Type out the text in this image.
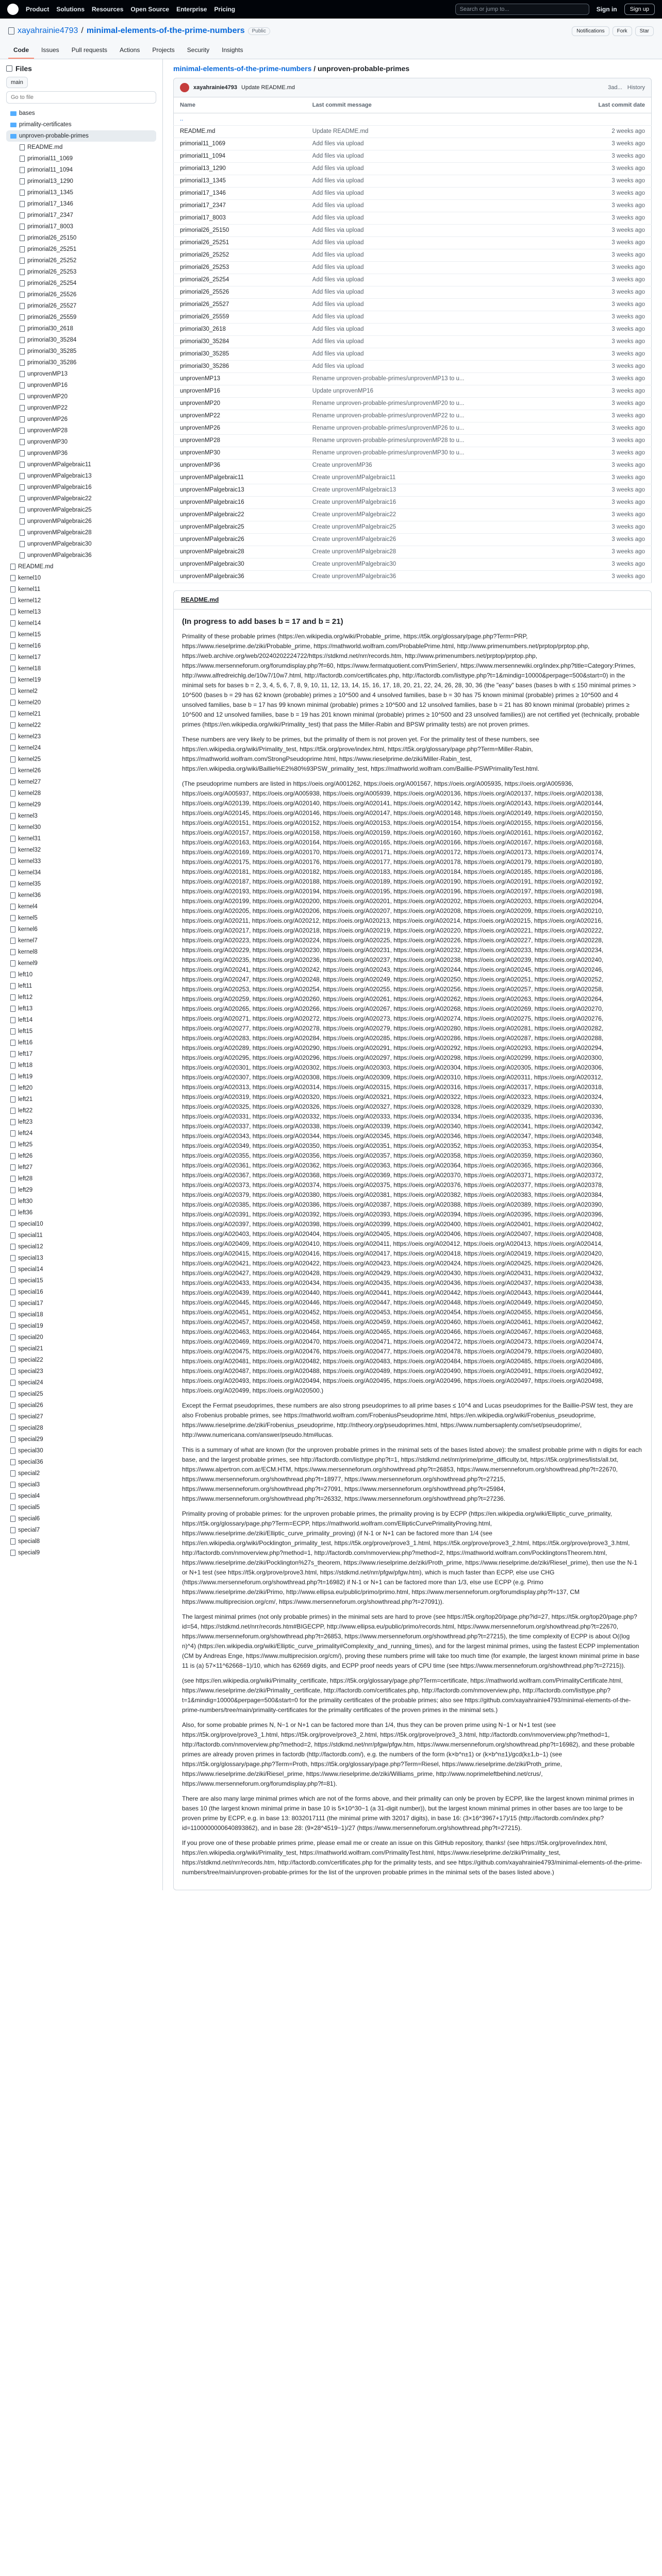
Product Solutions Resources Open Source Enterprise Pricing	Search or jump to...	Sign in	Sign up
xayahrainie4793 / minimal-elements-of-the-prime-numbers	Public	Notifications	Fork	Star
Code	Issues	Pull requests	Actions	Projects	Security	Insights
Files
main
Go to file
bases
primality-certificates
unproven-probable-primes
README.md
primorial11_1069
primorial11_1094
primorial13_1290
primorial13_1345
primorial17_1346
primorial17_2347
primorial17_8003
primorial26_25150
primorial26_25251
primorial26_25252
primorial26_25253
primorial26_25254
primorial26_25526
primorial26_25527
primorial26_25559
primorial30_2618
primorial30_35284
primorial30_35285
primorial30_35286
unprovenMP13
unprovenMP16
unprovenMP20
unprovenMP22
unprovenMP26
unprovenMP28
unprovenMP30
unprovenMP36
unprovenMPalgebraic11
unprovenMPalgebraic13
unprovenMPalgebraic16
unprovenMPalgebraic22
unprovenMPalgebraic25
unprovenMPalgebraic26
unprovenMPalgebraic28
unprovenMPalgebraic30
unprovenMPalgebraic36
README.md
kernel10
kernel11
kernel12
kernel13
kernel14
kernel15
kernel16
kernel17
kernel18
kernel19
kernel2
kernel20
kernel21
kernel22
kernel23
kernel24
kernel25
kernel26
kernel27
kernel28
kernel29
kernel3
kernel30
kernel31
kernel32
kernel33
kernel34
kernel35
kernel36
kernel4
kernel5
kernel6
kernel7
kernel8
kernel9
left10
left11
left12
left13
left14
left15
left16
left17
left18
left19
left20
left21
left22
left23
left24
left25
left26
left27
left28
left29
left30
left36
special10
special11
special12
special13
special14
special15
special16
special17
special18
special19
special20
special21
special22
special23
special24
special25
special26
special27
special28
special29
special30
special36
special2
special3
special4
special5
special6
special7
special8
special9
minimal-elements-of-the-prime-numbers / unproven-probable-primes
xayahrainie4793 Update README.md	3ad... History
Name	Last commit message	Last commit date
..		
README.md	Update README.md	2 weeks ago
primorial11_1069	Add files via upload	3 weeks ago
primorial11_1094	Add files via upload	3 weeks ago
primorial13_1290	Add files via upload	3 weeks ago
primorial13_1345	Add files via upload	3 weeks ago
primorial17_1346	Add files via upload	3 weeks ago
primorial17_2347	Add files via upload	3 weeks ago
primorial17_8003	Add files via upload	3 weeks ago
primorial26_25150	Add files via upload	3 weeks ago
primorial26_25251	Add files via upload	3 weeks ago
primorial26_25252	Add files via upload	3 weeks ago
primorial26_25253	Add files via upload	3 weeks ago
primorial26_25254	Add files via upload	3 weeks ago
primorial26_25526	Add files via upload	3 weeks ago
primorial26_25527	Add files via upload	3 weeks ago
primorial26_25559	Add files via upload	3 weeks ago
primorial30_2618	Add files via upload	3 weeks ago
primorial30_35284	Add files via upload	3 weeks ago
primorial30_35285	Add files via upload	3 weeks ago
primorial30_35286	Add files via upload	3 weeks ago
unprovenMP13	Rename unproven-probable-primes/unprovenMP13 to u...	3 weeks ago
unprovenMP16	Update unprovenMP16	3 weeks ago
unprovenMP20	Rename unproven-probable-primes/unprovenMP20 to u...	3 weeks ago
unprovenMP22	Rename unproven-probable-primes/unprovenMP22 to u...	3 weeks ago
unprovenMP26	Rename unproven-probable-primes/unprovenMP26 to u...	3 weeks ago
unprovenMP28	Rename unproven-probable-primes/unprovenMP28 to u...	3 weeks ago
unprovenMP30	Rename unproven-probable-primes/unprovenMP30 to u...	3 weeks ago
unprovenMP36	Create unprovenMP36	3 weeks ago
unprovenMPalgebraic11	Create unprovenMPalgebraic11	3 weeks ago
unprovenMPalgebraic13	Create unprovenMPalgebraic13	3 weeks ago
unprovenMPalgebraic16	Create unprovenMPalgebraic16	3 weeks ago
unprovenMPalgebraic22	Create unprovenMPalgebraic22	3 weeks ago
unprovenMPalgebraic25	Create unprovenMPalgebraic25	3 weeks ago
unprovenMPalgebraic26	Create unprovenMPalgebraic26	3 weeks ago
unprovenMPalgebraic28	Create unprovenMPalgebraic28	3 weeks ago
unprovenMPalgebraic30	Create unprovenMPalgebraic30	3 weeks ago
unprovenMPalgebraic36	Create unprovenMPalgebraic36	3 weeks ago
README.md
(In progress to add bases b = 17 and b = 21)

Primality of these probable primes (https://en.wikipedia.org/wiki/Probable_prime, https://t5k.org/glossary/page.php?Term=PRP, https://www.rieselprime.de/ziki/Probable_prime, https://mathworld.wolfram.com/ProbablePrime.html, http://www.primenumbers.net/prptop/prptop.php, https://web.archive.org/web/20240202224722/https://stdkmd.net/nrr/records.htm, http://www.primenumbers.net/prptop/prptop.php, https://www.mersenneforum.org/forumdisplay.php?f=60, https://www.fermatquotient.com/PrimSerien/, https://www.mersennewiki.org/index.php?title=Category:Primes, http://www.alfredreichlg.de/10w7/10w7.html, http://factordb.com/certificates.php, http://factordb.com/listtype.php?t=1&mindig=10000&perpage=500&start=0) in the minimal sets for bases b = 2, 3, 4, 5, 6, 7, 8, 9, 10, 11, 12, 13, 14, 15, 16, 17, 18, 20, 21, 22, 24, 26, 28, 30, 36 (the "easy" bases (bases b with ≤ 150 minimal primes > 10^500 (bases b = 29 has 62 known (probable) primes ≥ 10^500 and 4 unsolved families, base b = 30 has 75 known minimal (probable) primes ≥ 10^500 and 4 unsolved families, base b = 17 has 99 known minimal (probable) primes ≥ 10^500 and 12 unsolved families, base b = 21 has 80 known minimal (probable) primes ≥ 10^500 and 12 unsolved families, base b = 19 has 201 known minimal (probable) primes ≥ 10^500 and 23 unsolved families)) are not certified yet (technically, probable primes (https://en.wikipedia.org/wiki/Primality_test) that pass the Miller-Rabin and BPSW primality tests) are not proven primes.

These numbers are very likely to be primes, but the primality of them is not proven yet. For the primality test of these numbers, see https://en.wikipedia.org/wiki/Primality_test, https://t5k.org/prove/index.html, https://t5k.org/glossary/page.php?Term=Miller-Rabin, https://mathworld.wolfram.com/StrongPseudoprime.html, https://www.rieselprime.de/ziki/Miller-Rabin_test, https://en.wikipedia.org/wiki/Baillie%E2%80%93PSW_primality_test, https://mathworld.wolfram.com/Baillie-PSWPrimalityTest.html.

(The pseudoprime numbers are listed in https://oeis.org/A001262, https://oeis.org/A001567, https://oeis.org/A005935, https://oeis.org/A005936, https://oeis.org/A005937, https://oeis.org/A005938, https://oeis.org/A005939, https://oeis.org/A020136, https://oeis.org/A020137, https://oeis.org/A020138, https://oeis.org/A020139, https://oeis.org/A020140, https://oeis.org/A020141, https://oeis.org/A020142, https://oeis.org/A020143, https://oeis.org/A020144, https://oeis.org/A020145, https://oeis.org/A020146, https://oeis.org/A020147, https://oeis.org/A020148, https://oeis.org/A020149, https://oeis.org/A020150, https://oeis.org/A020151, https://oeis.org/A020152, https://oeis.org/A020153, https://oeis.org/A020154, https://oeis.org/A020155, https://oeis.org/A020156, https://oeis.org/A020157, https://oeis.org/A020158, https://oeis.org/A020159, https://oeis.org/A020160, https://oeis.org/A020161, https://oeis.org/A020162, https://oeis.org/A020163, https://oeis.org/A020164, https://oeis.org/A020165, https://oeis.org/A020166, https://oeis.org/A020167, https://oeis.org/A020168, https://oeis.org/A020169, https://oeis.org/A020170, https://oeis.org/A020171, https://oeis.org/A020172, https://oeis.org/A020173, https://oeis.org/A020174, https://oeis.org/A020175, https://oeis.org/A020176, https://oeis.org/A020177, https://oeis.org/A020178, https://oeis.org/A020179, https://oeis.org/A020180, https://oeis.org/A020181, https://oeis.org/A020182, https://oeis.org/A020183, https://oeis.org/A020184, https://oeis.org/A020185, https://oeis.org/A020186, https://oeis.org/A020187, https://oeis.org/A020188, https://oeis.org/A020189, https://oeis.org/A020190, https://oeis.org/A020191, https://oeis.org/A020192, https://oeis.org/A020193, https://oeis.org/A020194, https://oeis.org/A020195, https://oeis.org/A020196, https://oeis.org/A020197, https://oeis.org/A020198, https://oeis.org/A020199, https://oeis.org/A020200, https://oeis.org/A020201, https://oeis.org/A020202, https://oeis.org/A020203, https://oeis.org/A020204, https://oeis.org/A020205, https://oeis.org/A020206, https://oeis.org/A020207, https://oeis.org/A020208, https://oeis.org/A020209, https://oeis.org/A020210, https://oeis.org/A020211, https://oeis.org/A020212, https://oeis.org/A020213, https://oeis.org/A020214, https://oeis.org/A020215, https://oeis.org/A020216, https://oeis.org/A020217, https://oeis.org/A020218, https://oeis.org/A020219, https://oeis.org/A020220, https://oeis.org/A020221, https://oeis.org/A020222, https://oeis.org/A020223, https://oeis.org/A020224, https://oeis.org/A020225, https://oeis.org/A020226, https://oeis.org/A020227, https://oeis.org/A020228, https://oeis.org/A020229, https://oeis.org/A020230, https://oeis.org/A020231, https://oeis.org/A020232, https://oeis.org/A020233, https://oeis.org/A020234, https://oeis.org/A020235, https://oeis.org/A020236, https://oeis.org/A020237, https://oeis.org/A020238, https://oeis.org/A020239, https://oeis.org/A020240, https://oeis.org/A020241, https://oeis.org/A020242, https://oeis.org/A020243, https://oeis.org/A020244, https://oeis.org/A020245, https://oeis.org/A020246, https://oeis.org/A020247, https://oeis.org/A020248, https://oeis.org/A020249, https://oeis.org/A020250, https://oeis.org/A020251, https://oeis.org/A020252, https://oeis.org/A020253, https://oeis.org/A020254, https://oeis.org/A020255, https://oeis.org/A020256, https://oeis.org/A020257, https://oeis.org/A020258, https://oeis.org/A020259, https://oeis.org/A020260, https://oeis.org/A020261, https://oeis.org/A020262, https://oeis.org/A020263, https://oeis.org/A020264, https://oeis.org/A020265, https://oeis.org/A020266, https://oeis.org/A020267, https://oeis.org/A020268, https://oeis.org/A020269, https://oeis.org/A020270, https://oeis.org/A020271, https://oeis.org/A020272, https://oeis.org/A020273, https://oeis.org/A020274, https://oeis.org/A020275, https://oeis.org/A020276, https://oeis.org/A020277, https://oeis.org/A020278, https://oeis.org/A020279, https://oeis.org/A020280, https://oeis.org/A020281, https://oeis.org/A020282, https://oeis.org/A020283, https://oeis.org/A020284, https://oeis.org/A020285, https://oeis.org/A020286, https://oeis.org/A020287, https://oeis.org/A020288, https://oeis.org/A020289, https://oeis.org/A020290, https://oeis.org/A020291, https://oeis.org/A020292, https://oeis.org/A020293, https://oeis.org/A020294, https://oeis.org/A020295, https://oeis.org/A020296, https://oeis.org/A020297, https://oeis.org/A020298, https://oeis.org/A020299, https://oeis.org/A020300, https://oeis.org/A020301, https://oeis.org/A020302, https://oeis.org/A020303, https://oeis.org/A020304, https://oeis.org/A020305, https://oeis.org/A020306, https://oeis.org/A020307, https://oeis.org/A020308, https://oeis.org/A020309, https://oeis.org/A020310, https://oeis.org/A020311, https://oeis.org/A020312, https://oeis.org/A020313, https://oeis.org/A020314, https://oeis.org/A020315, https://oeis.org/A020316, https://oeis.org/A020317, https://oeis.org/A020318, https://oeis.org/A020319, https://oeis.org/A020320, https://oeis.org/A020321, https://oeis.org/A020322, https://oeis.org/A020323, https://oeis.org/A020324, https://oeis.org/A020325, https://oeis.org/A020326, https://oeis.org/A020327, https://oeis.org/A020328, https://oeis.org/A020329, https://oeis.org/A020330, https://oeis.org/A020331, https://oeis.org/A020332, https://oeis.org/A020333, https://oeis.org/A020334, https://oeis.org/A020335, https://oeis.org/A020336, https://oeis.org/A020337, https://oeis.org/A020338, https://oeis.org/A020339, https://oeis.org/A020340, https://oeis.org/A020341, https://oeis.org/A020342, https://oeis.org/A020343, https://oeis.org/A020344, https://oeis.org/A020345, https://oeis.org/A020346, https://oeis.org/A020347, https://oeis.org/A020348, https://oeis.org/A020349, https://oeis.org/A020350, https://oeis.org/A020351, https://oeis.org/A020352, https://oeis.org/A020353, https://oeis.org/A020354, https://oeis.org/A020355, https://oeis.org/A020356, https://oeis.org/A020357, https://oeis.org/A020358, https://oeis.org/A020359, https://oeis.org/A020360, https://oeis.org/A020361, https://oeis.org/A020362, https://oeis.org/A020363, https://oeis.org/A020364, https://oeis.org/A020365, https://oeis.org/A020366, https://oeis.org/A020367, https://oeis.org/A020368, https://oeis.org/A020369, https://oeis.org/A020370, https://oeis.org/A020371, https://oeis.org/A020372, https://oeis.org/A020373, https://oeis.org/A020374, https://oeis.org/A020375, https://oeis.org/A020376, https://oeis.org/A020377, https://oeis.org/A020378, https://oeis.org/A020379, https://oeis.org/A020380, https://oeis.org/A020381, https://oeis.org/A020382, https://oeis.org/A020383, https://oeis.org/A020384, https://oeis.org/A020385, https://oeis.org/A020386, https://oeis.org/A020387, https://oeis.org/A020388, https://oeis.org/A020389, https://oeis.org/A020390, https://oeis.org/A020391, https://oeis.org/A020392, https://oeis.org/A020393, https://oeis.org/A020394, https://oeis.org/A020395, https://oeis.org/A020396, https://oeis.org/A020397, https://oeis.org/A020398, https://oeis.org/A020399, https://oeis.org/A020400, https://oeis.org/A020401, https://oeis.org/A020402, https://oeis.org/A020403, https://oeis.org/A020404, https://oeis.org/A020405, https://oeis.org/A020406, https://oeis.org/A020407, https://oeis.org/A020408, https://oeis.org/A020409, https://oeis.org/A020410, https://oeis.org/A020411, https://oeis.org/A020412, https://oeis.org/A020413, https://oeis.org/A020414, https://oeis.org/A020415, https://oeis.org/A020416, https://oeis.org/A020417, https://oeis.org/A020418, https://oeis.org/A020419, https://oeis.org/A020420, https://oeis.org/A020421, https://oeis.org/A020422, https://oeis.org/A020423, https://oeis.org/A020424, https://oeis.org/A020425, https://oeis.org/A020426, https://oeis.org/A020427, https://oeis.org/A020428, https://oeis.org/A020429, https://oeis.org/A020430, https://oeis.org/A020431, https://oeis.org/A020432, https://oeis.org/A020433, https://oeis.org/A020434, https://oeis.org/A020435, https://oeis.org/A020436, https://oeis.org/A020437, https://oeis.org/A020438, https://oeis.org/A020439, https://oeis.org/A020440, https://oeis.org/A020441, https://oeis.org/A020442, https://oeis.org/A020443, https://oeis.org/A020444, https://oeis.org/A020445, https://oeis.org/A020446, https://oeis.org/A020447, https://oeis.org/A020448, https://oeis.org/A020449, https://oeis.org/A020450, https://oeis.org/A020451, https://oeis.org/A020452, https://oeis.org/A020453, https://oeis.org/A020454, https://oeis.org/A020455, https://oeis.org/A020456, https://oeis.org/A020457, https://oeis.org/A020458, https://oeis.org/A020459, https://oeis.org/A020460, https://oeis.org/A020461, https://oeis.org/A020462, https://oeis.org/A020463, https://oeis.org/A020464, https://oeis.org/A020465, https://oeis.org/A020466, https://oeis.org/A020467, https://oeis.org/A020468, https://oeis.org/A020469, https://oeis.org/A020470, https://oeis.org/A020471, https://oeis.org/A020472, https://oeis.org/A020473, https://oeis.org/A020474, https://oeis.org/A020475, https://oeis.org/A020476, https://oeis.org/A020477, https://oeis.org/A020478, https://oeis.org/A020479, https://oeis.org/A020480, https://oeis.org/A020481, https://oeis.org/A020482, https://oeis.org/A020483, https://oeis.org/A020484, https://oeis.org/A020485, https://oeis.org/A020486, https://oeis.org/A020487, https://oeis.org/A020488, https://oeis.org/A020489, https://oeis.org/A020490, https://oeis.org/A020491, https://oeis.org/A020492, https://oeis.org/A020493, https://oeis.org/A020494, https://oeis.org/A020495, https://oeis.org/A020496, https://oeis.org/A020497, https://oeis.org/A020498, https://oeis.org/A020499, https://oeis.org/A020500.)

Except the Fermat pseudoprimes, these numbers are also strong pseudoprimes to all prime bases ≤ 10^4 and Lucas pseudoprimes for the Baillie-PSW test, they are also Frobenius probable primes, see https://mathworld.wolfram.com/FrobeniusPseudoprime.html, https://en.wikipedia.org/wiki/Frobenius_pseudoprime, https://www.rieselprime.de/ziki/Frobenius_pseudoprime, http://ntheory.org/pseudoprimes.html, https://www.numbersaplenty.com/set/pseudoprime/, http://www.numericana.com/answer/pseudo.htm#lucas.

This is a summary of what are known (for the unproven probable primes in the minimal sets of the bases listed above): the smallest probable prime with n digits for each base, and the largest probable primes, see http://factordb.com/listtype.php?t=1, https://stdkmd.net/nrr/prime/prime_difficulty.txt, https://t5k.org/primes/lists/all.txt, https://www.alpertron.com.ar/ECM.HTM, https://www.mersenneforum.org/showthread.php?t=26853, https://www.mersenneforum.org/showthread.php?t=22670, https://www.mersenneforum.org/showthread.php?t=18977, https://www.mersenneforum.org/showthread.php?t=27215, https://www.mersenneforum.org/showthread.php?t=27091, https://www.mersenneforum.org/showthread.php?t=25984, https://www.mersenneforum.org/showthread.php?t=26332, https://www.mersenneforum.org/showthread.php?t=27236.

Primality proving of probable primes: for the unproven probable primes, the primality proving is by ECPP (https://en.wikipedia.org/wiki/Elliptic_curve_primality, https://t5k.org/glossary/page.php?Term=ECPP, https://mathworld.wolfram.com/EllipticCurvePrimalityProving.html, https://www.rieselprime.de/ziki/Elliptic_curve_primality_proving) (if N-1 or N+1 can be factored more than 1/4 (see https://en.wikipedia.org/wiki/Pocklington_primality_test, https://t5k.org/prove/prove3_1.html, https://t5k.org/prove/prove3_2.html, https://t5k.org/prove/prove3_3.html, http://factordb.com/nmoverview.php?method=1, http://factordb.com/nmoverview.php?method=2, https://mathworld.wolfram.com/PocklingtonsTheorem.html, https://www.rieselprime.de/ziki/Pocklington%27s_theorem, https://www.rieselprime.de/ziki/Proth_prime, https://www.rieselprime.de/ziki/Riesel_prime), then use the N-1 or N+1 test (see https://t5k.org/prove/prove3.html, https://stdkmd.net/nrr/pfgw/pfgw.htm), which is much faster than ECPP, else use CHG (https://www.mersenneforum.org/showthread.php?t=16982) if N-1 or N+1 can be factored more than 1/3, else use ECPP (e.g. Primo https://www.rieselprime.de/ziki/Primo, http://www.ellipsa.eu/public/primo/primo.html, https://www.mersenneforum.org/forumdisplay.php?f=137, CM https://www.multiprecision.org/cm/, https://www.mersenneforum.org/showthread.php?t=27091)).

The largest minimal primes (not only probable primes) in the minimal sets are hard to prove (see https://t5k.org/top20/page.php?id=27, https://t5k.org/top20/page.php?id=54, https://stdkmd.net/nrr/records.htm#BIGECPP, http://www.ellipsa.eu/public/primo/records.html, https://www.mersenneforum.org/showthread.php?t=22670, https://www.mersenneforum.org/showthread.php?t=26853, https://www.mersenneforum.org/showthread.php?t=27215), the time complexity of ECPP is about O((log n)^4) (https://en.wikipedia.org/wiki/Elliptic_curve_primality#Complexity_and_running_times), and for the largest minimal primes, using the fastest ECPP implementation (CM by Andreas Enge, https://www.multiprecision.org/cm/), proving these numbers prime will take too much time (for example, the largest known minimal prime in base 11 is (a) 57×11^62668−1)/10, which has 62669 digits, and ECPP proof needs years of CPU time (see https://www.mersenneforum.org/showthread.php?t=27215)).

(see https://en.wikipedia.org/wiki/Primality_certificate, https://t5k.org/glossary/page.php?Term=certificate, https://mathworld.wolfram.com/PrimalityCertificate.html, https://www.rieselprime.de/ziki/Primality_certificate, http://factordb.com/certificates.php, http://factordb.com/nmoverview.php, http://factordb.com/listtype.php?t=1&mindig=10000&perpage=500&start=0 for the primality certificates of the probable primes; also see https://github.com/xayahrainie4793/minimal-elements-of-the-prime-numbers/tree/main/primality-certificates for the primality certificates of the proven primes in the minimal sets.)

Also, for some probable primes N, N−1 or N+1 can be factored more than 1/4, thus they can be proven prime using N−1 or N+1 test (see https://t5k.org/prove/prove3_1.html, https://t5k.org/prove/prove3_2.html, https://t5k.org/prove/prove3_3.html, http://factordb.com/nmoverview.php?method=1, http://factordb.com/nmoverview.php?method=2, https://stdkmd.net/nrr/pfgw/pfgw.htm, https://www.mersenneforum.org/showthread.php?t=16982), and these probable primes are already proven primes in factordb (http://factordb.com/), e.g. the numbers of the form (k×b^n±1) or (k×b^n±1)/gcd(k±1,b−1) (see https://t5k.org/glossary/page.php?Term=Proth, https://t5k.org/glossary/page.php?Term=Riesel, https://www.rieselprime.de/ziki/Proth_prime, https://www.rieselprime.de/ziki/Riesel_prime, https://www.rieselprime.de/ziki/Williams_prime, http://www.noprimeleftbehind.net/crus/, https://www.mersenneforum.org/forumdisplay.php?f=81).

There are also many large minimal primes which are not of the forms above, and their primality can only be proven by ECPP, like the largest known minimal primes in bases 10 (the largest known minimal prime in base 10 is 5×10^30−1 (a 31-digit number)), but the largest known minimal primes in other bases are too large to be proven prime by ECPP, e.g. in base 13: 8032017111 (the minimal prime with 32017 digits), in base 16: (3×16^3967+17)/15 (http://factordb.com/index.php?id=1100000000640893862), and in base 28: (9×28^4519−1)/27 (https://www.mersenneforum.org/showthread.php?t=27215).

If you prove one of these probable primes prime, please email me or create an issue on this GitHub repository, thanks! (see https://t5k.org/prove/index.html, https://en.wikipedia.org/wiki/Primality_test, https://mathworld.wolfram.com/PrimalityTest.html, https://www.rieselprime.de/ziki/Primality_test, https://stdkmd.net/nrr/records.htm, http://factordb.com/certificates.php for the primality tests, and see https://github.com/xayahrainie4793/minimal-elements-of-the-prime-numbers/tree/main/unproven-probable-primes for the list of the unproven probable primes in the minimal sets of the bases listed above.)
